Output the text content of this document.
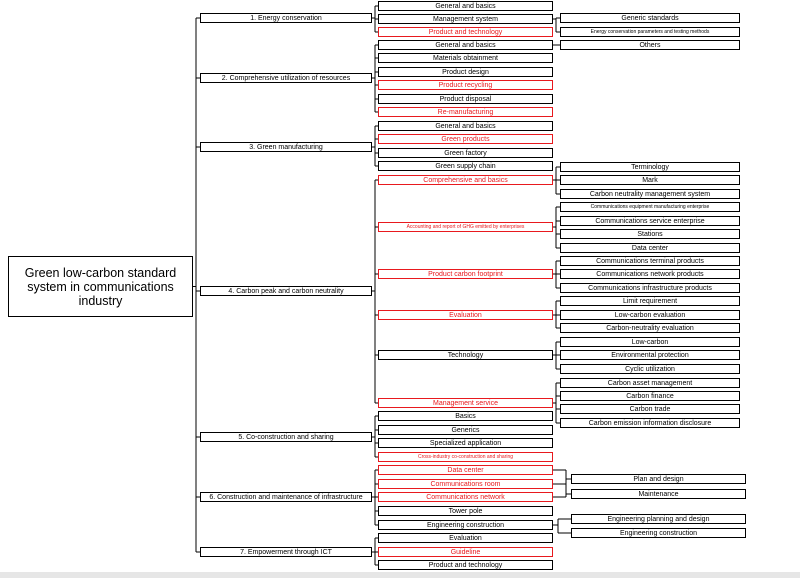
Green low-carbon standard system in communications industry
1. Energy conservation
2. Comprehensive utilization of resources
3. Green manufacturing
4. Carbon peak and carbon neutrality
5. Co-construction and sharing
6. Construction and maintenance of infrastructure
7. Empowerment through ICT
General and basics
Management system
Product and technology
General and basics
Materials obtainment
Product design
Product recycling
Product disposal
Re-manufacturing
General and basics
Green products
Green factory
Green supply chain
Comprehensive and basics
Accounting and report of GHG emitted by enterprises
Product carbon footprint
Evaluation
Technology
Management service
Basics
Generics
Specialized application
Cross-industry co-construction and sharing
Data center
Communications room
Communications network
Tower pole
Engineering construction
Evaluation
Guideline
Product and technology
Generic standards
Energy conservation parameters and testing methods
Others
Terminology
Mark
Carbon neutrality management system
Communications equipment manufacturing enterprise
Communications service enterprise
Stations
Data center
Communications terminal products
Communications network products
Communications infrastructure products
Limit requirement
Low-carbon evaluation
Carbon-neutrality evaluation
Low-carbon
Environmental protection
Cyclic utilization
Carbon asset management
Carbon finance
Carbon trade
Carbon emission information disclosure
Plan and design
Maintenance
Engineering planning and design
Engineering construction
